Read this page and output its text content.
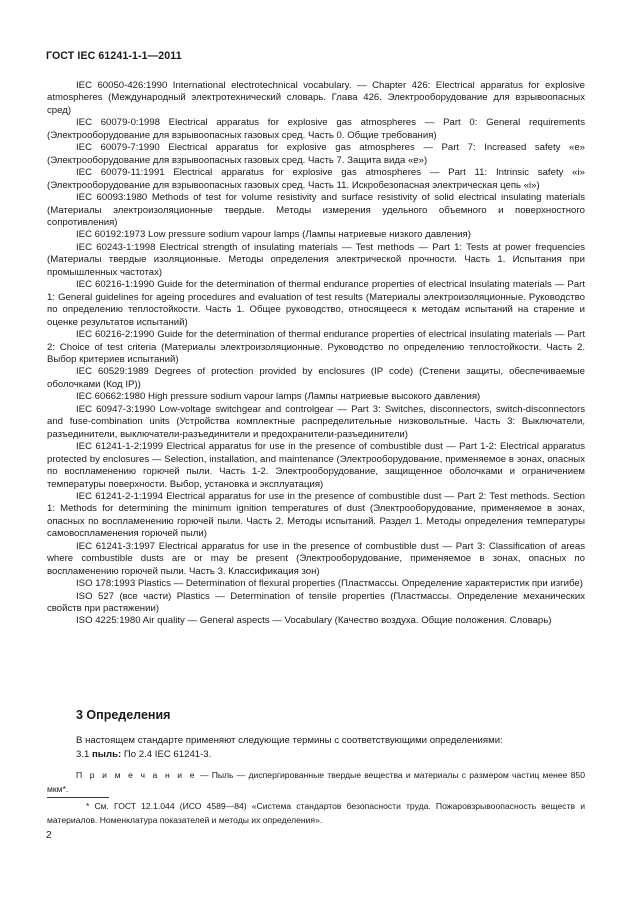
ГОСТ IEC 61241-1-1—2011

IEC 60050-426:1990 International electrotechnical vocabulary. — Chapter 426: Electrical apparatus for explosive atmospheres (Международный электротехнический словарь. Глава 426. Электрооборудование для взрывоопасных сред)

IEC 60079-0:1998 Electrical apparatus for explosive gas atmospheres — Part 0: General requirements (Электрооборудование для взрывоопасных газовых сред. Часть 0. Общие требования)

IEC 60079-7:1990 Electrical apparatus for explosive gas atmospheres — Part 7: Increased safety «е» (Электрооборудование для взрывоопасных газовых сред. Часть 7. Защита вида «е»)

IEC 60079-11:1991 Electrical apparatus for explosive gas atmospheres — Part 11: Intrinsic safety «i» (Электрооборудование для взрывоопасных газовых сред. Часть 11. Искробезопасная электрическая цепь «i»)

IEC 60093:1980 Methods of test for volume resistivity and surface resistivity of solid electrical insulating materials (Материалы электроизоляционные твердые. Методы измерения удельного объемного и поверхностного сопротивления)

IEC 60192:1973 Low pressure sodium vapour lamps (Лампы натриевые низкого давления)

IEC 60243-1:1998 Electrical strength of insulating materials — Test methods — Part 1: Tests at power frequencies (Материалы твердые изоляционные. Методы определения электрической прочности. Часть 1. Испытания при промышленных частотах)

IEC 60216-1:1990 Guide for the determination of thermal endurance properties of electrical insulating materials — Part 1: General guidelines for ageing procedures and evaluation of test results (Материалы электроизоляционные. Руководство по определению теплостойкости. Часть 1. Общее руководство, относящееся к методам испытаний на старение и оценке результатов испытаний)

IEC 60216-2:1990 Guide for the determination of thermal endurance properties of electrical insulating materials — Part 2: Choice of test criteria (Материалы электроизоляционные. Руководство по определению теплостойкости. Часть 2. Выбор критериев испытаний)

IEC 60529:1989 Degrees of protection provided by enclosures (IP code) (Степени защиты, обеспечиваемые оболочками (Код IP))

IEC 60662:1980 High pressure sodium vapour lamps (Лампы натриевые высокого давления)

IEC 60947-3:1990 Low-voltage switchgear and controlgear — Part 3: Switches, disconnectors, switch-disconnectors and fuse-combination units (Устройства комплектные распределительные низковольтные. Часть 3: Выключатели, разъединители, выключатели-разъединители и предохранители-разъединители)

IEC 61241-1-2:1999 Electrical apparatus for use in the presence of combustible dust — Part 1-2: Electrical apparatus protected by enclosures — Selection, installation, and maintenance (Электрооборудование, применяемое в зонах, опасных по воспламенению горючей пыли. Часть 1-2. Электрооборудование, защищенное оболочками и ограничением температуры поверхности. Выбор, установка и эксплуатация)

IEC 61241-2-1:1994 Electrical apparatus for use in the presence of combustible dust — Part 2: Test methods. Section 1: Methods for determining the minimum ignition temperatures of dust (Электрооборудование, применяемое в зонах, опасных по воспламенению горючей пыли. Часть 2. Методы испытаний. Раздел 1. Методы определения температуры самовоспламенения горючей пыли)

IEC 61241-3:1997 Electrical apparatus for use in the presence of combustible dust — Part 3: Classification of areas where combustible dusts are or may be present (Электрооборудование, применяемое в зонах, опасных по воспламенению горючей пыли. Часть 3. Классификация зон)

ISO 178:1993 Plastics — Determination of flexural properties (Пластмассы. Определение характеристик при изгибе)

ISO 527 (все части) Plastics — Determination of tensile properties (Пластмассы. Определение механических свойств при растяжении)

ISO 4225:1980 Air quality — General aspects — Vocabulary (Качество воздуха. Общие положения. Словарь)

3 Определения

В настоящем стандарте применяют следующие термины с соответствующими определениями:

3.1 пыль: По 2.4 IEC 61241-3.

П р и м е ч а н и е — Пыль — диспергированные твердые вещества и материалы с размером частиц менее 850 мкм*.

* См. ГОСТ 12.1.044 (ИСО 4589—84) «Система стандартов безопасности труда. Пожаровзрывоопасность веществ и материалов. Номенклатура показателей и методы их определения».

2
